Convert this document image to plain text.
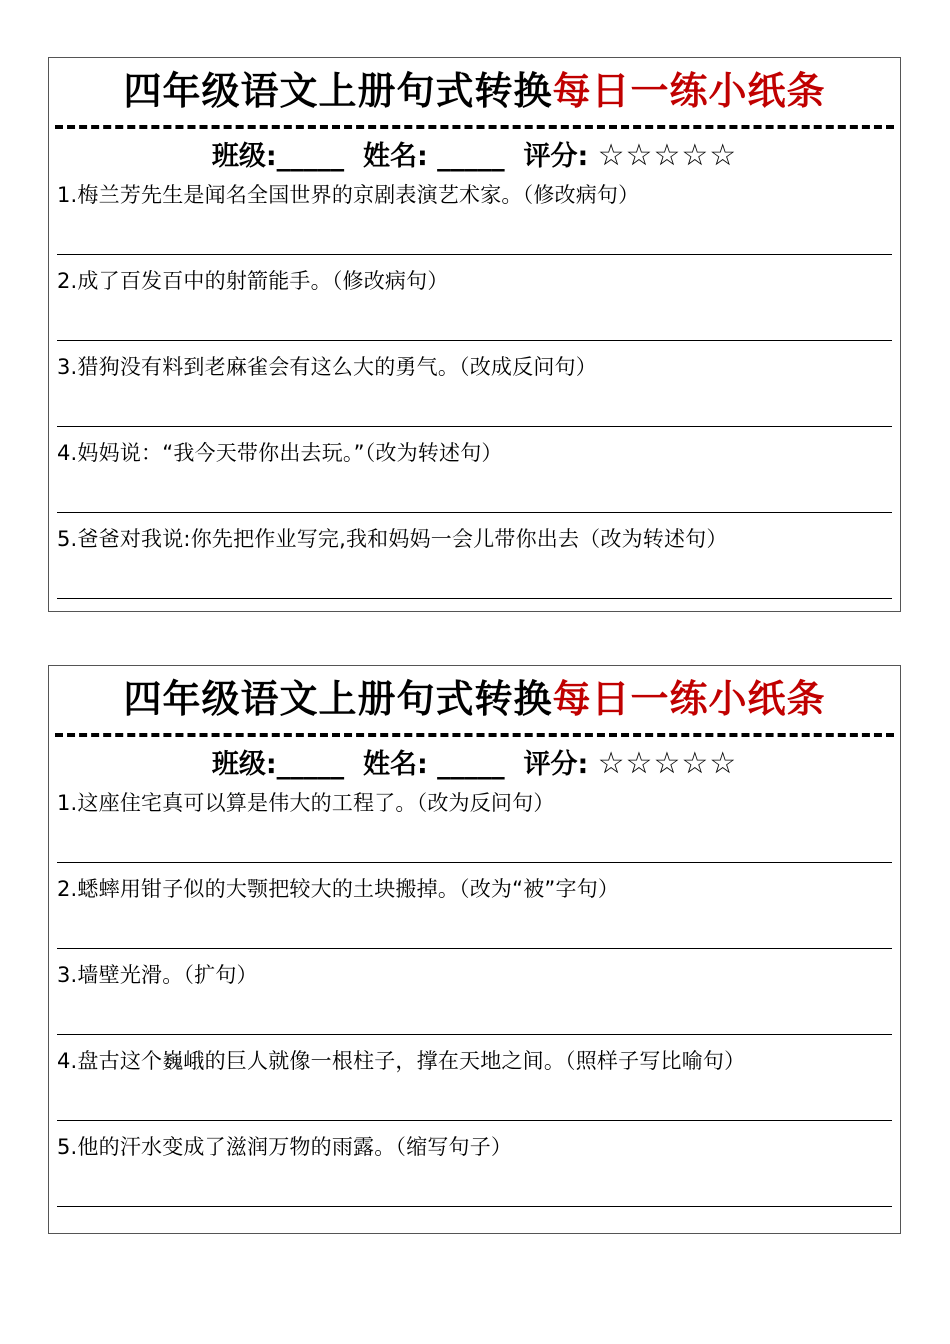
四年级语文上册句式转换每日一练小纸条
班级:_____  姓名: _____  评分: ☆☆☆☆☆
1.梅兰芳先生是闻名全国世界的京剧表演艺术家。（修改病句）
2.成了百发百中的射箭能手。（修改病句）
3.猎狗没有料到老麻雀会有这么大的勇气。（改成反问句）
4.妈妈说：“我今天带你出去玩。”（改为转述句）
5.爸爸对我说:你先把作业写完,我和妈妈一会儿带你出去（改为转述句）
四年级语文上册句式转换每日一练小纸条
班级:_____  姓名: _____  评分: ☆☆☆☆☆
1.这座住宅真可以算是伟大的工程了。（改为反问句）
2.蟋蟀用钳子似的大颚把较大的土块搬掉。（改为“被”字句）
3.墙壁光滑。（扩句）
4.盘古这个巍峨的巨人就像一根柱子，撑在天地之间。（照样子写比喻句）
5.他的汗水变成了滋润万物的雨露。（缩写句子）
